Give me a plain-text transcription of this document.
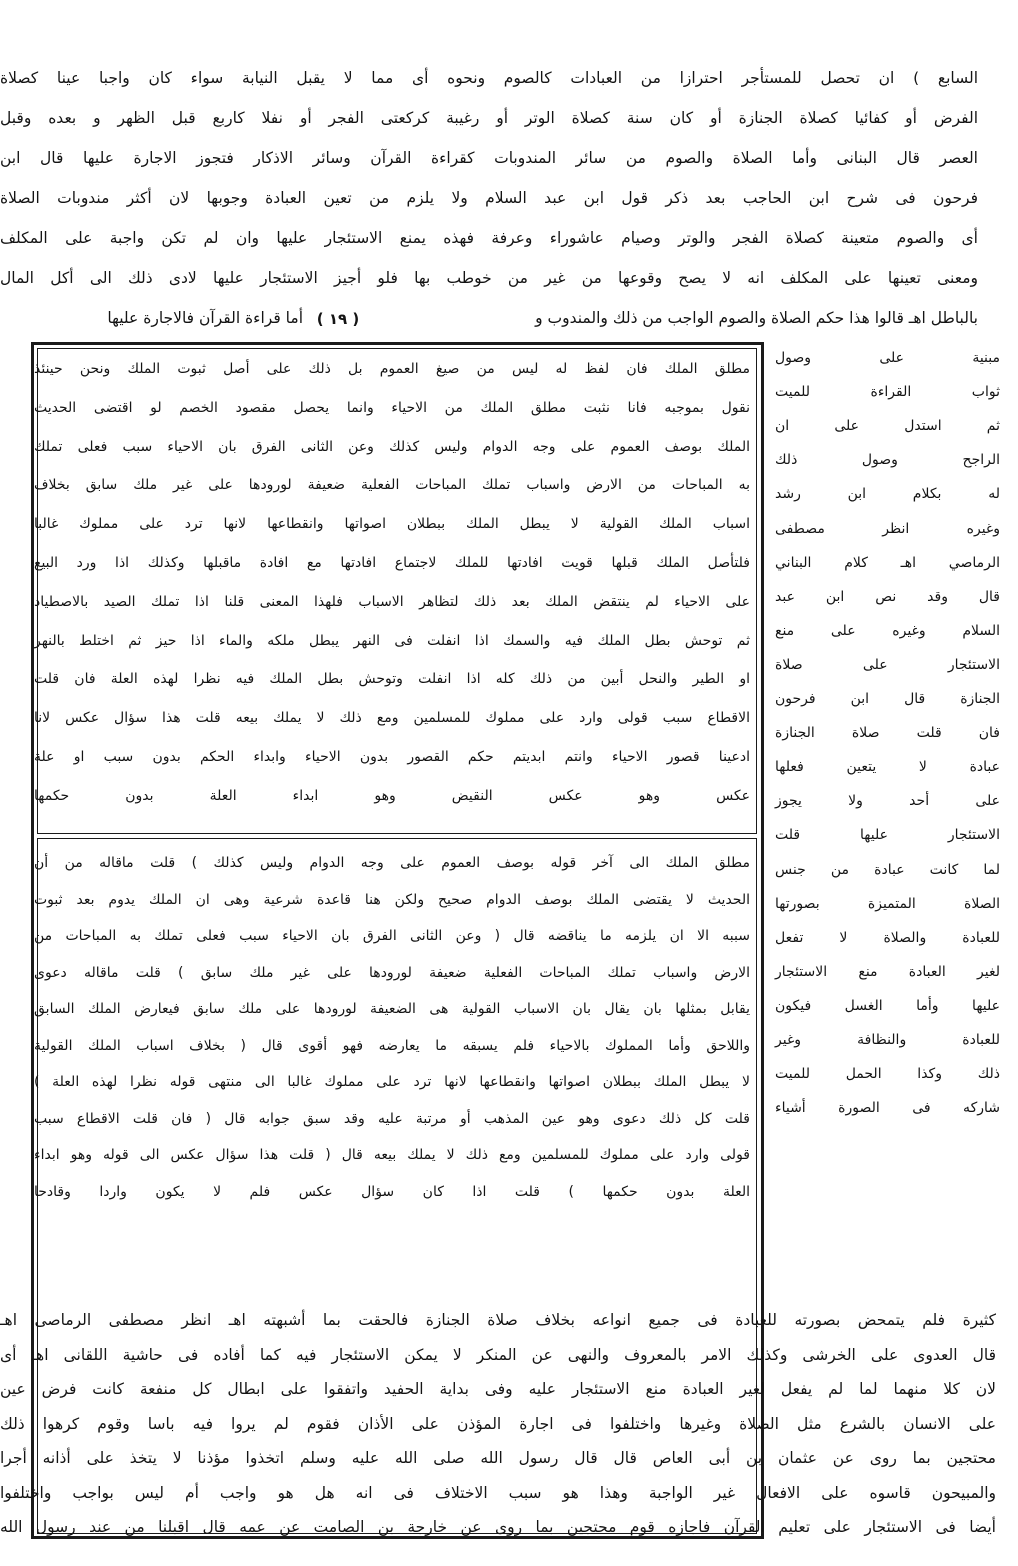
السابع ) ان تحصل للمستأجر احترازا من العبادات كالصوم ونحوه أى مما لا يقبل النيابة سواء كان واجبا عينا كصلاة
الفرض أو كفائيا كصلاة الجنازة أو كان سنة كصلاة الوتر أو رغيبة كركعتى الفجر أو نفلا كاربع قبل الظهر و بعده وقبل
العصر قال البنانى وأما الصلاة والصوم من سائر المندوبات كقراءة القرآن وسائر الاذكار فتجوز الاجارة عليها قال ابن
فرحون فى شرح ابن الحاجب بعد ذكر قول ابن عبد السلام ولا يلزم من تعين العبادة وجوبها لان أكثر مندوبات الصلاة
أى والصوم متعينة كصلاة الفجر والوتر وصيام عاشوراء وعرفة فهذه يمنع الاستئجار عليها وان لم تكن واجبة على المكلف
ومعنى تعينها على المكلف انه لا يصح وقوعها من غير من خوطب بها فلو أجيز الاستئجار عليها لادى ذلك الى أكل المال
بالباطل اهـ قالوا هذا حكم الصلاة والصوم الواجب من ذلك والمندوب و
( ١٩ )
أما قراءة القرآن فالاجارة عليها
مبنية على وصول
ثواب القراءة للميت
ثم استدل على ان
الراجح وصول ذلك
له بكلام ابن رشد
وغيره انظر مصطفى
الرماصي اهـ كلام البناني
قال وقد نص ابن عبد
السلام وغيره على منع
الاستئجار على صلاة
الجنازة قال ابن فرحون
فان قلت صلاة الجنازة
عبادة لا يتعين فعلها
على أحد ولا يجوز
الاستئجار عليها قلت
لما كانت عبادة من جنس
الصلاة المتميزة بصورتها
للعبادة والصلاة لا تفعل
لغير العبادة منع الاستئجار
عليها وأما الغسل فيكون
للعبادة والنظافة وغير
ذلك وكذا الحمل للميت
شاركه فى الصورة أشياء
مطلق الملك فان لفظ له ليس من صيغ العموم بل ذلك على أصل ثبوت الملك ونحن حينئذ
نقول بموجبه فانا نثبت مطلق الملك من الاحياء وانما يحصل مقصود الخصم لو اقتضى الحديث
الملك بوصف العموم على وجه الدوام وليس كذلك وعن الثانى الفرق بان الاحياء سبب فعلى تملك
به المباحات من الارض واسباب تملك المباحات الفعلية ضعيفة لورودها على غير ملك سابق بخلاف
اسباب الملك القولية لا يبطل الملك ببطلان اصواتها وانقطاعها لانها ترد على مملوك غالبا
فلتأصل الملك قبلها قويت افادتها للملك لاجتماع افادتها مع افادة ماقبلها وكذلك اذا ورد البيع
على الاحياء لم ينتقض الملك بعد ذلك لتظاهر الاسباب فلهذا المعنى قلنا اذا تملك الصيد بالاصطياد
ثم توحش بطل الملك فيه والسمك اذا انفلت فى النهر يبطل ملكه والماء اذا حيز ثم اختلط بالنهر
او الطير والنحل أبين من ذلك كله اذا انفلت وتوحش بطل الملك فيه نظرا لهذه العلة فان قلت
الاقطاع سبب قولى وارد على مملوك للمسلمين ومع ذلك لا يملك بيعه قلت هذا سؤال عكس لانا
ادعينا قصور الاحياء وانتم ابديتم حكم القصور بدون الاحياء وابداء الحكم بدون سبب او علة
عكس وهو عكس النقيض وهو ابداء العلة بدون حكمها
مطلق الملك الى آخر قوله بوصف العموم على وجه الدوام وليس كذلك ) قلت ماقاله من أن
الحديث لا يقتضى الملك بوصف الدوام صحيح ولكن هنا قاعدة شرعية وهى ان الملك يدوم بعد ثبوت
سببه الا ان يلزمه ما يناقضه قال ( وعن الثانى الفرق بان الاحياء سبب فعلى تملك به المباحات من
الارض واسباب تملك المباحات الفعلية ضعيفة لورودها على غير ملك سابق ) قلت ماقاله دعوى
يقابل بمثلها بان يقال بان الاسباب القولية هى الضعيفة لورودها على ملك سابق فيعارض الملك السابق
واللاحق وأما المملوك بالاحياء فلم يسبقه ما يعارضه فهو أقوى قال ( بخلاف اسباب الملك القولية
لا يبطل الملك ببطلان اصواتها وانقطاعها لانها ترد على مملوك غالبا الى منتهى قوله نظرا لهذه العلة )
قلت كل ذلك دعوى وهو عين المذهب أو مرتبة عليه وقد سبق جوابه قال ( فان قلت الاقطاع سبب
قولى وارد على مملوك للمسلمين ومع ذلك لا يملك بيعه قال ( قلت هذا سؤال عكس الى قوله وهو ابداء
العلة بدون حكمها ) قلت اذا كان سؤال عكس فلم لا يكون واردا وقادحا
كثيرة فلم يتمحض بصورته للعبادة فى جميع انواعه بخلاف صلاة الجنازة فالحقت بما أشبهته اهـ انظر مصطفى الرماصى اهـ
قال العدوى على الخرشى وكذلك الامر بالمعروف والنهى عن المنكر لا يمكن الاستئجار فيه كما أفاده فى حاشية اللقانى اهـ أى
لان كلا منهما لما لم يفعل لغير العبادة منع الاستئجار عليه وفى بداية الحفيد واتفقوا على ابطال كل منفعة كانت فرض عين
على الانسان بالشرع مثل الصلاة وغيرها واختلفوا فى اجارة المؤذن على الأذان فقوم لم يروا فيه باسا وقوم كرهوا ذلك
محتجين بما روى عن عثمان بن أبى العاص قال قال رسول الله صلى الله عليه وسلم اتخذوا مؤذنا لا يتخذ على أذانه أجرا
والمبيحون قاسوه على الافعال غير الواجبة وهذا هو سبب الاختلاف فى انه هل هو واجب أم ليس بواجب واختلفوا
أيضا فى الاستئجار على تعليم القرآن فاجازه قوم محتجين بما روى عن خارجة بن الصامت عن عمه قال اقبلنا من عند رسول الله
